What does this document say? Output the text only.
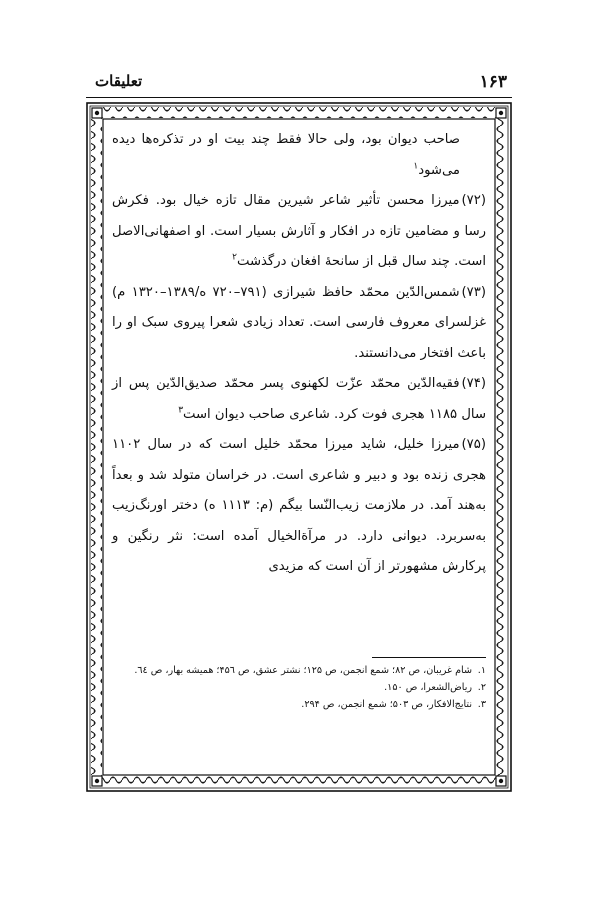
۱۶۳
تعلیقات
صاحب دیوان بود، ولی حالا فقط چند بیت او در تذکره‌ها دیده می‌شود$^۱$
(۷۲)میرزا محسن تأثیر شاعر شیرین مقال تازه خیال بود. فکرش رسا و مضامین تازه در افکار و آثارش بسیار است. او اصفهانی‌الاصل است. چند سال قبل از سانحهٔ افغان درگذشت$^۲$
(۷۳)شمس‌الدّین محمّد حافظ شیرازی (۷۹۱–۷۲۰ ه/۱۳۸۹–۱۳۲۰ م) غزلسرای معروف فارسی است. تعداد زیادی شعرا پیروی سبک او را باعث افتخار می‌دانستند.
(۷۴)فقیه‌الدّین محمّد عزّت لکهنوی پسر محمّد صدیق‌الدّین پس از سال ۱۱۸۵ هجری فوت کرد. شاعری صاحب دیوان است$^۳$
(۷۵)میرزا خلیل، شاید میرزا محمّد خلیل است که در سال ۱۱۰۲ هجری زنده بود و دبیر و شاعری است. در خراسان متولد شد و بعداً به‌هند آمد. در ملازمت زیب‌النّسا بیگم (م: ۱۱۱۳ ه) دختر اورنگ‌زیب به‌سربرد. دیوانی دارد. در مرآةالخیال آمده است: نثر رنگین و پرکارش مشهورتر از آن است که مزیدی
۱.شام غریبان، ص ۸۲؛ شمع انجمن، ص ۱۲۵؛ نشتر عشق، ص ۴۵٦؛ همیشه بهار، ص ٦٤.
۲.ریاض‌الشعرا، ص ۱۵۰.
۳.نتایج‌الافکار، ص ۵۰۳؛ شمع انجمن، ص ۲۹۴.
